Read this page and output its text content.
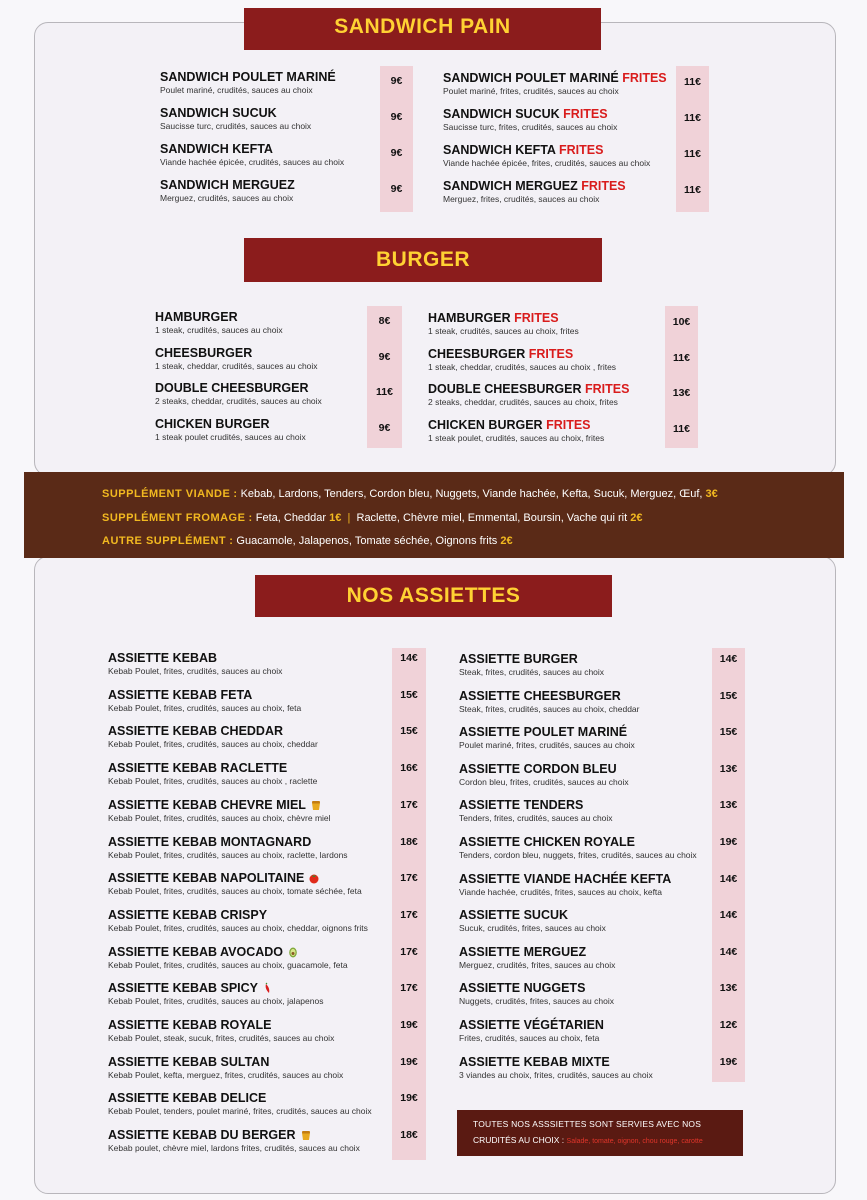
SANDWICH PAIN
SANDWICH POULET MARINÉ
Poulet mariné, crudités, sauces au choix
9€
SANDWICH SUCUK
Saucisse turc, crudités, sauces au choix
9€
SANDWICH KEFTA
Viande hachée épicée, crudités, sauces au choix
9€
SANDWICH MERGUEZ
Merguez, crudités, sauces au choix
9€
SANDWICH POULET MARINÉ FRITES
Poulet mariné, frites, crudités, sauces au choix
11€
SANDWICH SUCUK FRITES
Saucisse turc, frites, crudités, sauces au choix
11€
SANDWICH KEFTA FRITES
Viande hachée épicée, frites, crudités, sauces au choix
11€
SANDWICH MERGUEZ FRITES
Merguez, frites, crudités, sauces au choix
11€
BURGER
HAMBURGER
1 steak, crudités, sauces au choix
8€
CHEESBURGER
1 steak, cheddar, crudités, sauces au choix
9€
DOUBLE CHEESBURGER
2 steaks, cheddar, crudités, sauces au choix
11€
CHICKEN BURGER
1 steak poulet crudités, sauces au choix
9€
HAMBURGER FRITES
1 steak, crudités, sauces au choix, frites
10€
CHEESBURGER FRITES
1 steak, cheddar, crudités, sauces au choix , frites
11€
DOUBLE CHEESBURGER FRITES
2 steaks, cheddar, crudités, sauces au choix, frites
13€
CHICKEN BURGER FRITES
1 steak poulet, crudités, sauces au choix, frites
11€
SUPPLÉMENT VIANDE : Kebab, Lardons, Tenders, Cordon bleu, Nuggets, Viande hachée, Kefta, Sucuk, Merguez, Œuf, 3€
SUPPLÉMENT FROMAGE : Feta, Cheddar 1€ | Raclette, Chèvre miel, Emmental, Boursin, Vache qui rit 2€
AUTRE SUPPLÉMENT : Guacamole, Jalapenos, Tomate séchée, Oignons frits 2€
NOS ASSIETTES
ASSIETTE KEBAB
Kebab Poulet, frites, crudités, sauces au choix
14€
ASSIETTE KEBAB FETA
Kebab Poulet, frites, crudités, sauces au choix, feta
15€
ASSIETTE KEBAB CHEDDAR
Kebab Poulet, frites, crudités, sauces au choix, cheddar
15€
ASSIETTE KEBAB RACLETTE
Kebab Poulet, frites, crudités, sauces au choix , raclette
16€
ASSIETTE KEBAB CHEVRE MIEL
Kebab Poulet, frites, crudités, sauces au choix, chèvre miel
17€
ASSIETTE KEBAB MONTAGNARD
Kebab Poulet, frites, crudités, sauces au choix, raclette, lardons
18€
ASSIETTE KEBAB NAPOLITAINE
Kebab Poulet, frites, crudités, sauces au choix, tomate séchée, feta
17€
ASSIETTE KEBAB CRISPY
Kebab Poulet, frites, crudités, sauces au choix, cheddar, oignons frits
17€
ASSIETTE KEBAB AVOCADO
Kebab Poulet, frites, crudités, sauces au choix, guacamole, feta
17€
ASSIETTE KEBAB SPICY
Kebab Poulet, frites, crudités, sauces au choix, jalapenos
17€
ASSIETTE KEBAB ROYALE
Kebab Poulet, steak, sucuk, frites, crudités, sauces au choix
19€
ASSIETTE KEBAB SULTAN
Kebab Poulet, kefta, merguez, frites, crudités, sauces au choix
19€
ASSIETTE KEBAB DELICE
Kebab Poulet, tenders, poulet mariné, frites, crudités, sauces au choix
19€
ASSIETTE KEBAB DU BERGER
Kebab poulet, chèvre miel, lardons frites, crudités, sauces au choix
18€
ASSIETTE BURGER
Steak, frites, crudités, sauces au choix
14€
ASSIETTE CHEESBURGER
Steak, frites, crudités, sauces au choix, cheddar
15€
ASSIETTE POULET MARINÉ
Poulet mariné, frites, crudités, sauces au choix
15€
ASSIETTE CORDON BLEU
Cordon bleu, frites, crudités, sauces au choix
13€
ASSIETTE TENDERS
Tenders, frites, crudités, sauces au choix
13€
ASSIETTE CHICKEN ROYALE
Tenders, cordon bleu, nuggets, frites, crudités, sauces au choix
19€
ASSIETTE VIANDE HACHÉE KEFTA
Viande hachée, crudités, frites, sauces au choix, kefta
14€
ASSIETTE SUCUK
Sucuk, crudités, frites, sauces au choix
14€
ASSIETTE MERGUEZ
Merguez, crudités, frites, sauces au choix
14€
ASSIETTE NUGGETS
Nuggets, crudités, frites, sauces au choix
13€
ASSIETTE VÉGÉTARIEN
Frites, crudités, sauces au choix, feta
12€
ASSIETTE KEBAB MIXTE
3 viandes au choix, frites, crudités, sauces au choix
19€
TOUTES NOS ASSSIETTES SONT SERVIES AVEC NOS
CRUDITÉS AU CHOIX : Salade, tomate, oignon, chou rouge, carotte
